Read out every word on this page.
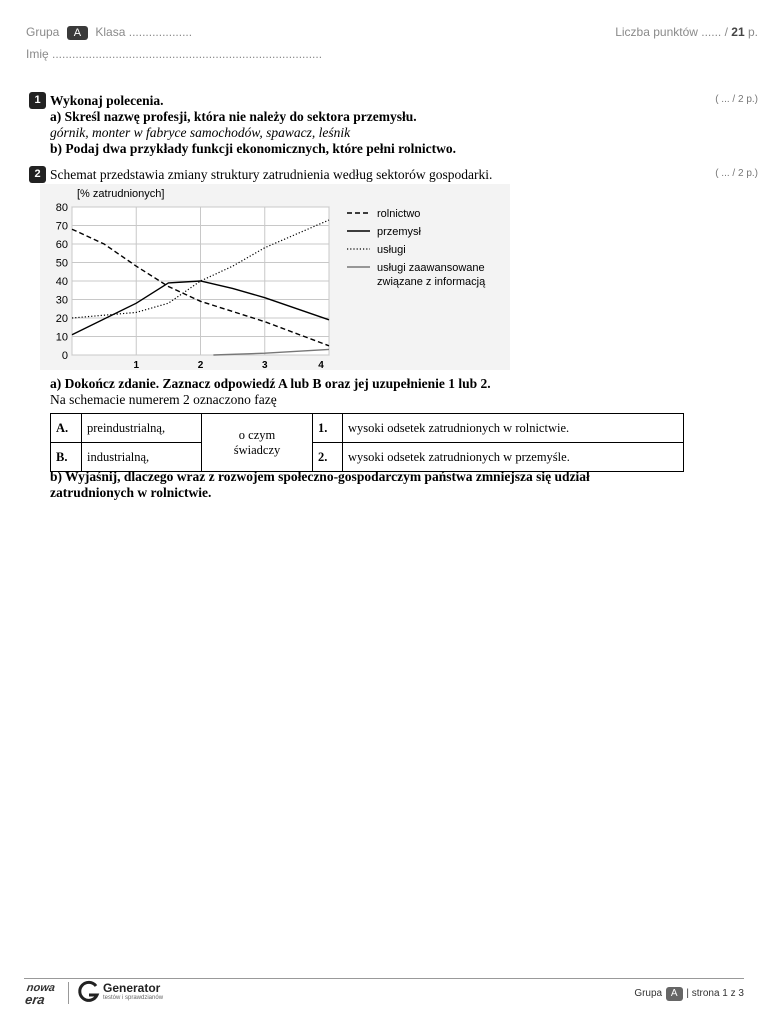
Grupa A Klasa ...................	Liczba punktów ...... / 21 p.
Imię .................................................................................
1	( ... / 2 p.)
Wykonaj polecenia.
a) Skreśl nazwę profesji, która nie należy do sektora przemysłu.
górnik, monter w fabryce samochodów, spawacz, leśnik
b) Podaj dwa przykłady funkcji ekonomicznych, które pełni rolnictwo.
2	( ... / 2 p.)
Schemat przedstawia zmiany struktury zatrudnienia według sektorów gospodarki.
0
10
20
30
40
50
60
70
80
1	2	3	4
[% zatrudnionych]
rolnictwo
przemysł
usługi
usługi zaawansowane
związane z informacją
a) Dokończ zdanie. Zaznacz odpowiedź A lub B oraz jej uzupełnienie 1 lub 2.
Na schemacie numerem 2 oznaczono fazę
A.	preindustrialną,	o czym świadczy	1.	wysoki odsetek zatrudnionych w rolnictwie.
B.	industrialną,		2.	wysoki odsetek zatrudnionych w przemyśle.
b) Wyjaśnij, dlaczego wraz z rozwojem społeczno-gospodarczym państwa zmniejsza się udział
zatrudnionych w rolnictwie.
nowa
era
Generator
testów i sprawdzianów	Grupa A | strona 1 z 3
